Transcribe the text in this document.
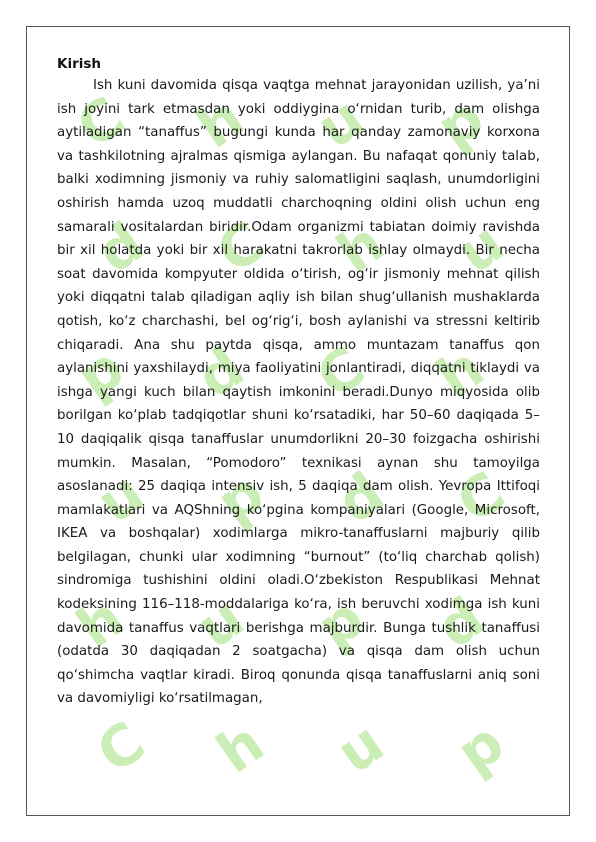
C h u p
d C h u
p d C h
u p d C
h u p d
C h u p
Kirish

Ish kuni davomida qisqa vaqtga mehnat jarayonidan uzilish, ya’ni ish joyini tark etmasdan yoki oddiygina o‘rnidan turib, dam olishga aytiladigan “tanaffus” bugungi kunda har qanday zamonaviy korxona va tashkilotning ajralmas qismiga aylangan. Bu nafaqat qonuniy talab, balki xodimning jismoniy va ruhiy salomatligini saqlash, unumdorligini oshirish hamda uzoq muddatli charchoqning oldini olish uchun eng samarali vositalardan biridir.Odam organizmi tabiatan doimiy ravishda bir xil holatda yoki bir xil harakatni takrorlab ishlay olmaydi. Bir necha soat davomida kompyuter oldida o‘tirish, og‘ir jismoniy mehnat qilish yoki diqqatni talab qiladigan aqliy ish bilan shug‘ullanish mushaklarda qotish, ko‘z charchashi, bel og‘rig‘i, bosh aylanishi va stressni keltirib chiqaradi. Ana shu paytda qisqa, ammo muntazam tanaffus qon aylanishini yaxshilaydi, miya faoliyatini jonlantiradi, diqqatni tiklaydi va ishga yangi kuch bilan qaytish imkonini beradi.Dunyo miqyosida olib borilgan ko‘plab tadqiqotlar shuni ko‘rsatadiki, har 50–60 daqiqada 5–10 daqiqalik qisqa tanaffuslar unumdorlikni 20–30 foizgacha oshirishi mumkin. Masalan, “Pomodoro” texnikasi aynan shu tamoyilga asoslanadi: 25 daqiqa intensiv ish, 5 daqiqa dam olish. Yevropa Ittifoqi mamlakatlari va AQShning ko‘pgina kompaniyalari (Google, Microsoft, IKEA va boshqalar) xodimlarga mikro-tanaffuslarni majburiy qilib belgilagan, chunki ular xodimning “burnout” (to‘liq charchab qolish) sindromiga tushishini oldini oladi.O‘zbekiston Respublikasi Mehnat kodeksining 116–118-moddalariga ko‘ra, ish beruvchi xodimga ish kuni davomida tanaffus vaqtlari berishga majburdir. Bunga tushlik tanaffusi (odatda 30 daqiqadan 2 soatgacha) va qisqa dam olish uchun qo‘shimcha vaqtlar kiradi. Biroq qonunda qisqa tanaffuslarni aniq soni va davomiyligi ko‘rsatilmagan,
